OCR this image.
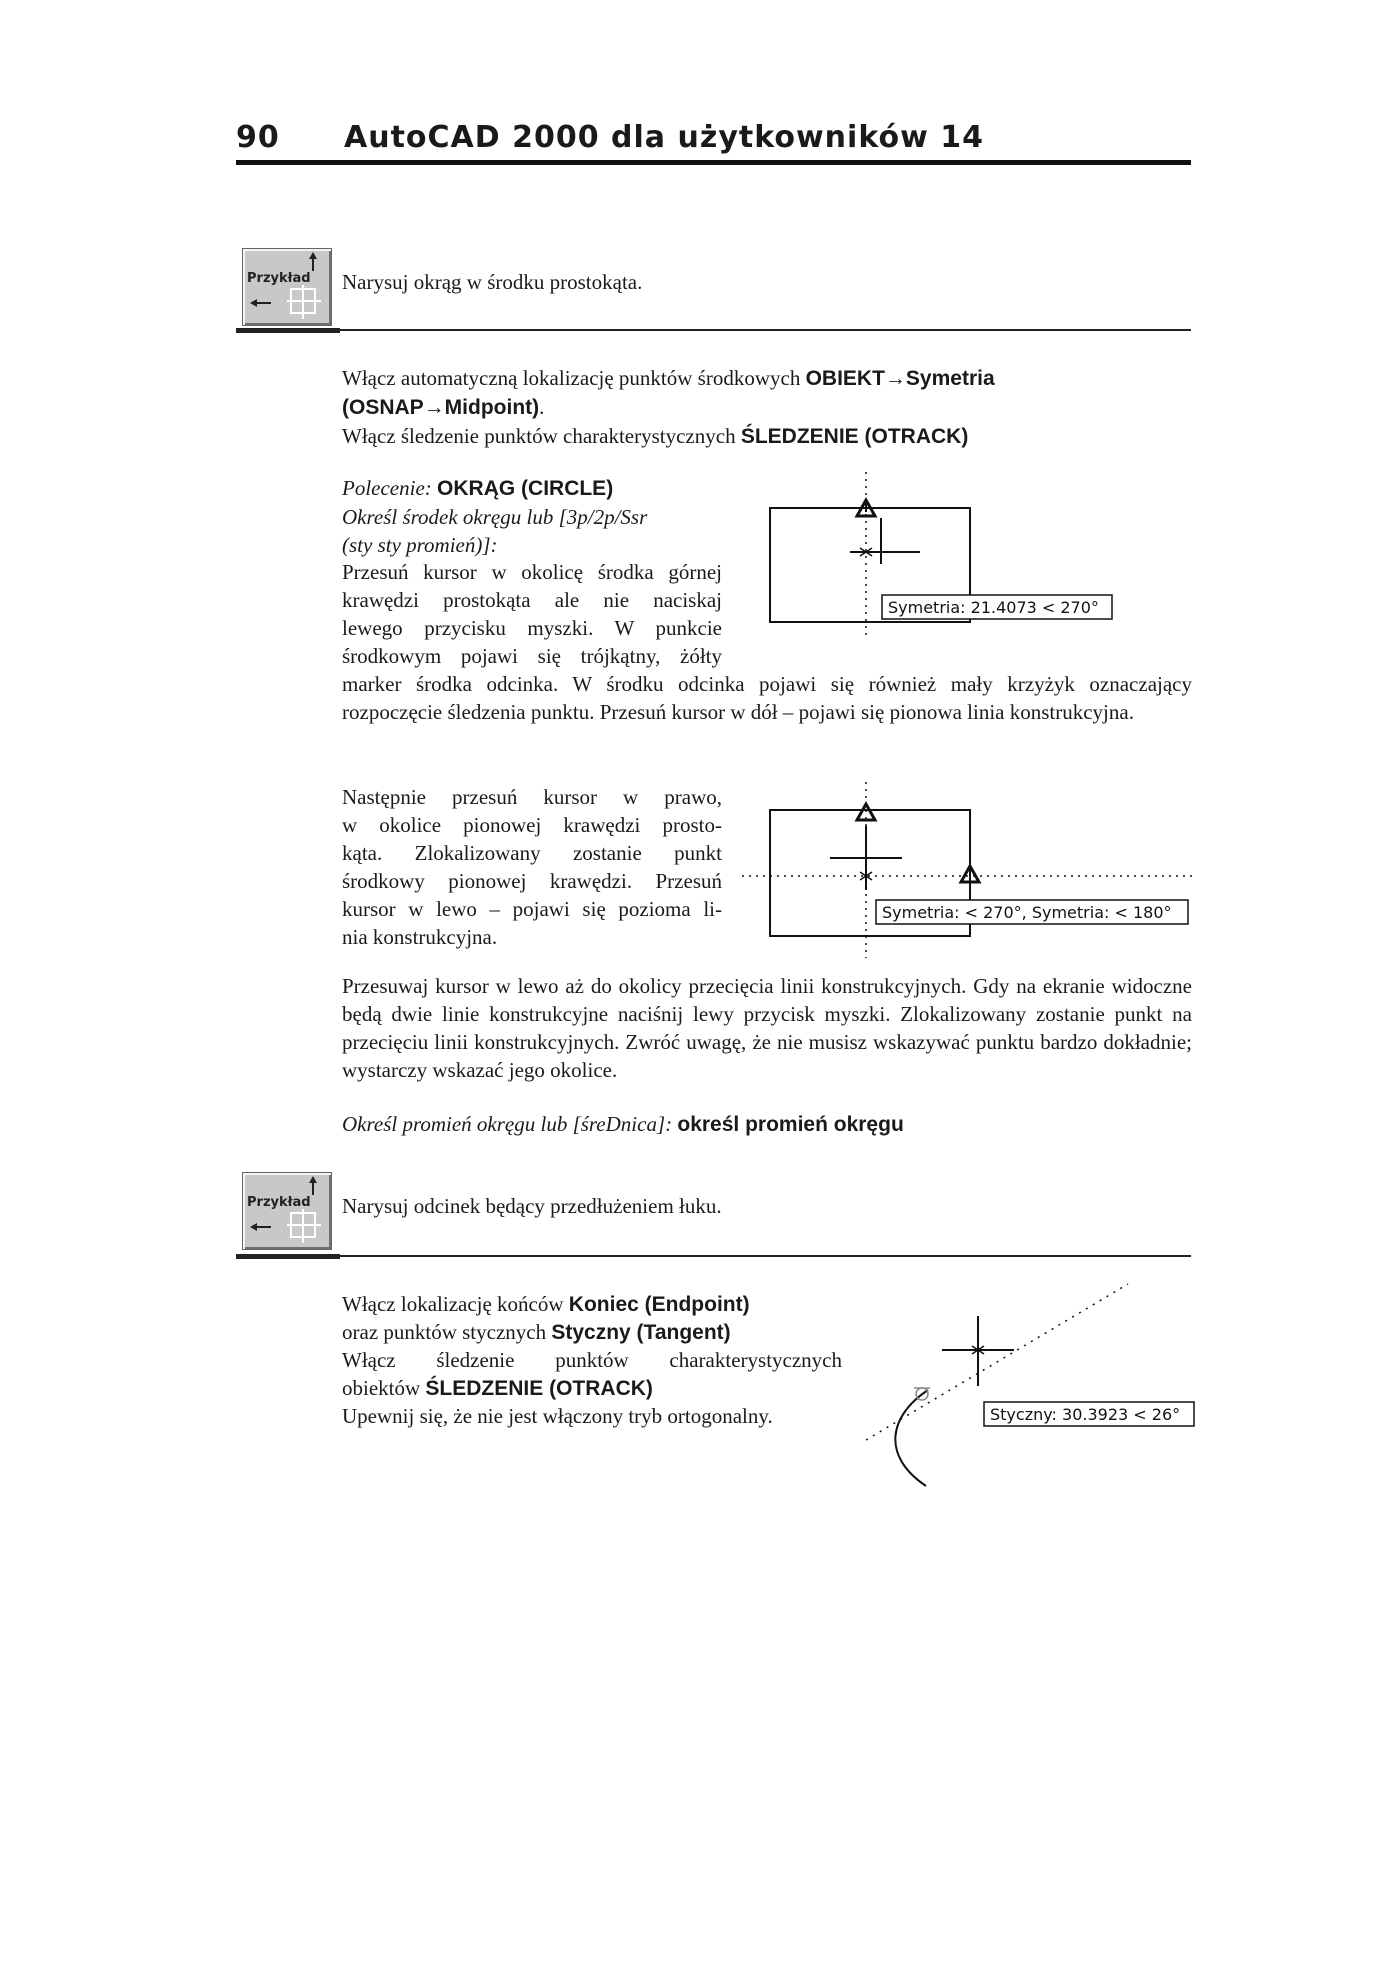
90 AutoCAD 2000 dla użytkowników 14
Przykład Narysuj okrąg w środku prostokąta.
Włącz automatyczną lokalizację punktów środkowych OBIEKT→Symetria
(OSNAP→Midpoint).
Włącz śledzenie punktów charakterystycznych ŚLEDZENIE (OTRACK)
Polecenie: OKRĄG (CIRCLE)
Określ środek okręgu lub [3p/2p/Ssr
(sty sty promień)]:
Przesuń kursor w okolicę środka górnej
krawędzi prostokąta ale nie naciskaj
lewego przycisku myszki. W punkcie
środkowym pojawi się trójkątny, żółty
marker środka odcinka. W środku odcinka pojawi się również mały krzyżyk oznaczający rozpoczęcie śledzenia punktu. Przesuń kursor w dół – pojawi się pionowa linia konstrukcyjna.
Symetria: 21.4073 < 270°
Następnie przesuń kursor w prawo,
w okolice pionowej krawędzi prosto-
kąta. Zlokalizowany zostanie punkt
środkowy pionowej krawędzi. Przesuń
kursor w lewo – pojawi się pozioma li-
nia konstrukcyjna.
Symetria: < 270°, Symetria: < 180°
Przesuwaj kursor w lewo aż do okolicy przecięcia linii konstrukcyjnych. Gdy na ekranie widoczne będą dwie linie konstrukcyjne naciśnij lewy przycisk myszki. Zlokalizowany zostanie punkt na przecięciu linii konstrukcyjnych. Zwróć uwagę, że nie musisz wskazywać punktu bardzo dokładnie; wystarczy wskazać jego okolice.
Określ promień okręgu lub [śreDnica]: określ promień okręgu
Przykład Narysuj odcinek będący przedłużeniem łuku.
Włącz lokalizację końców Koniec (Endpoint)
oraz punktów stycznych Styczny (Tangent)
Włącz śledzenie punktów charakterystycznych
obiektów ŚLEDZENIE (OTRACK)
Upewnij się, że nie jest włączony tryb ortogonalny.	Styczny: 30.3923 < 26°
